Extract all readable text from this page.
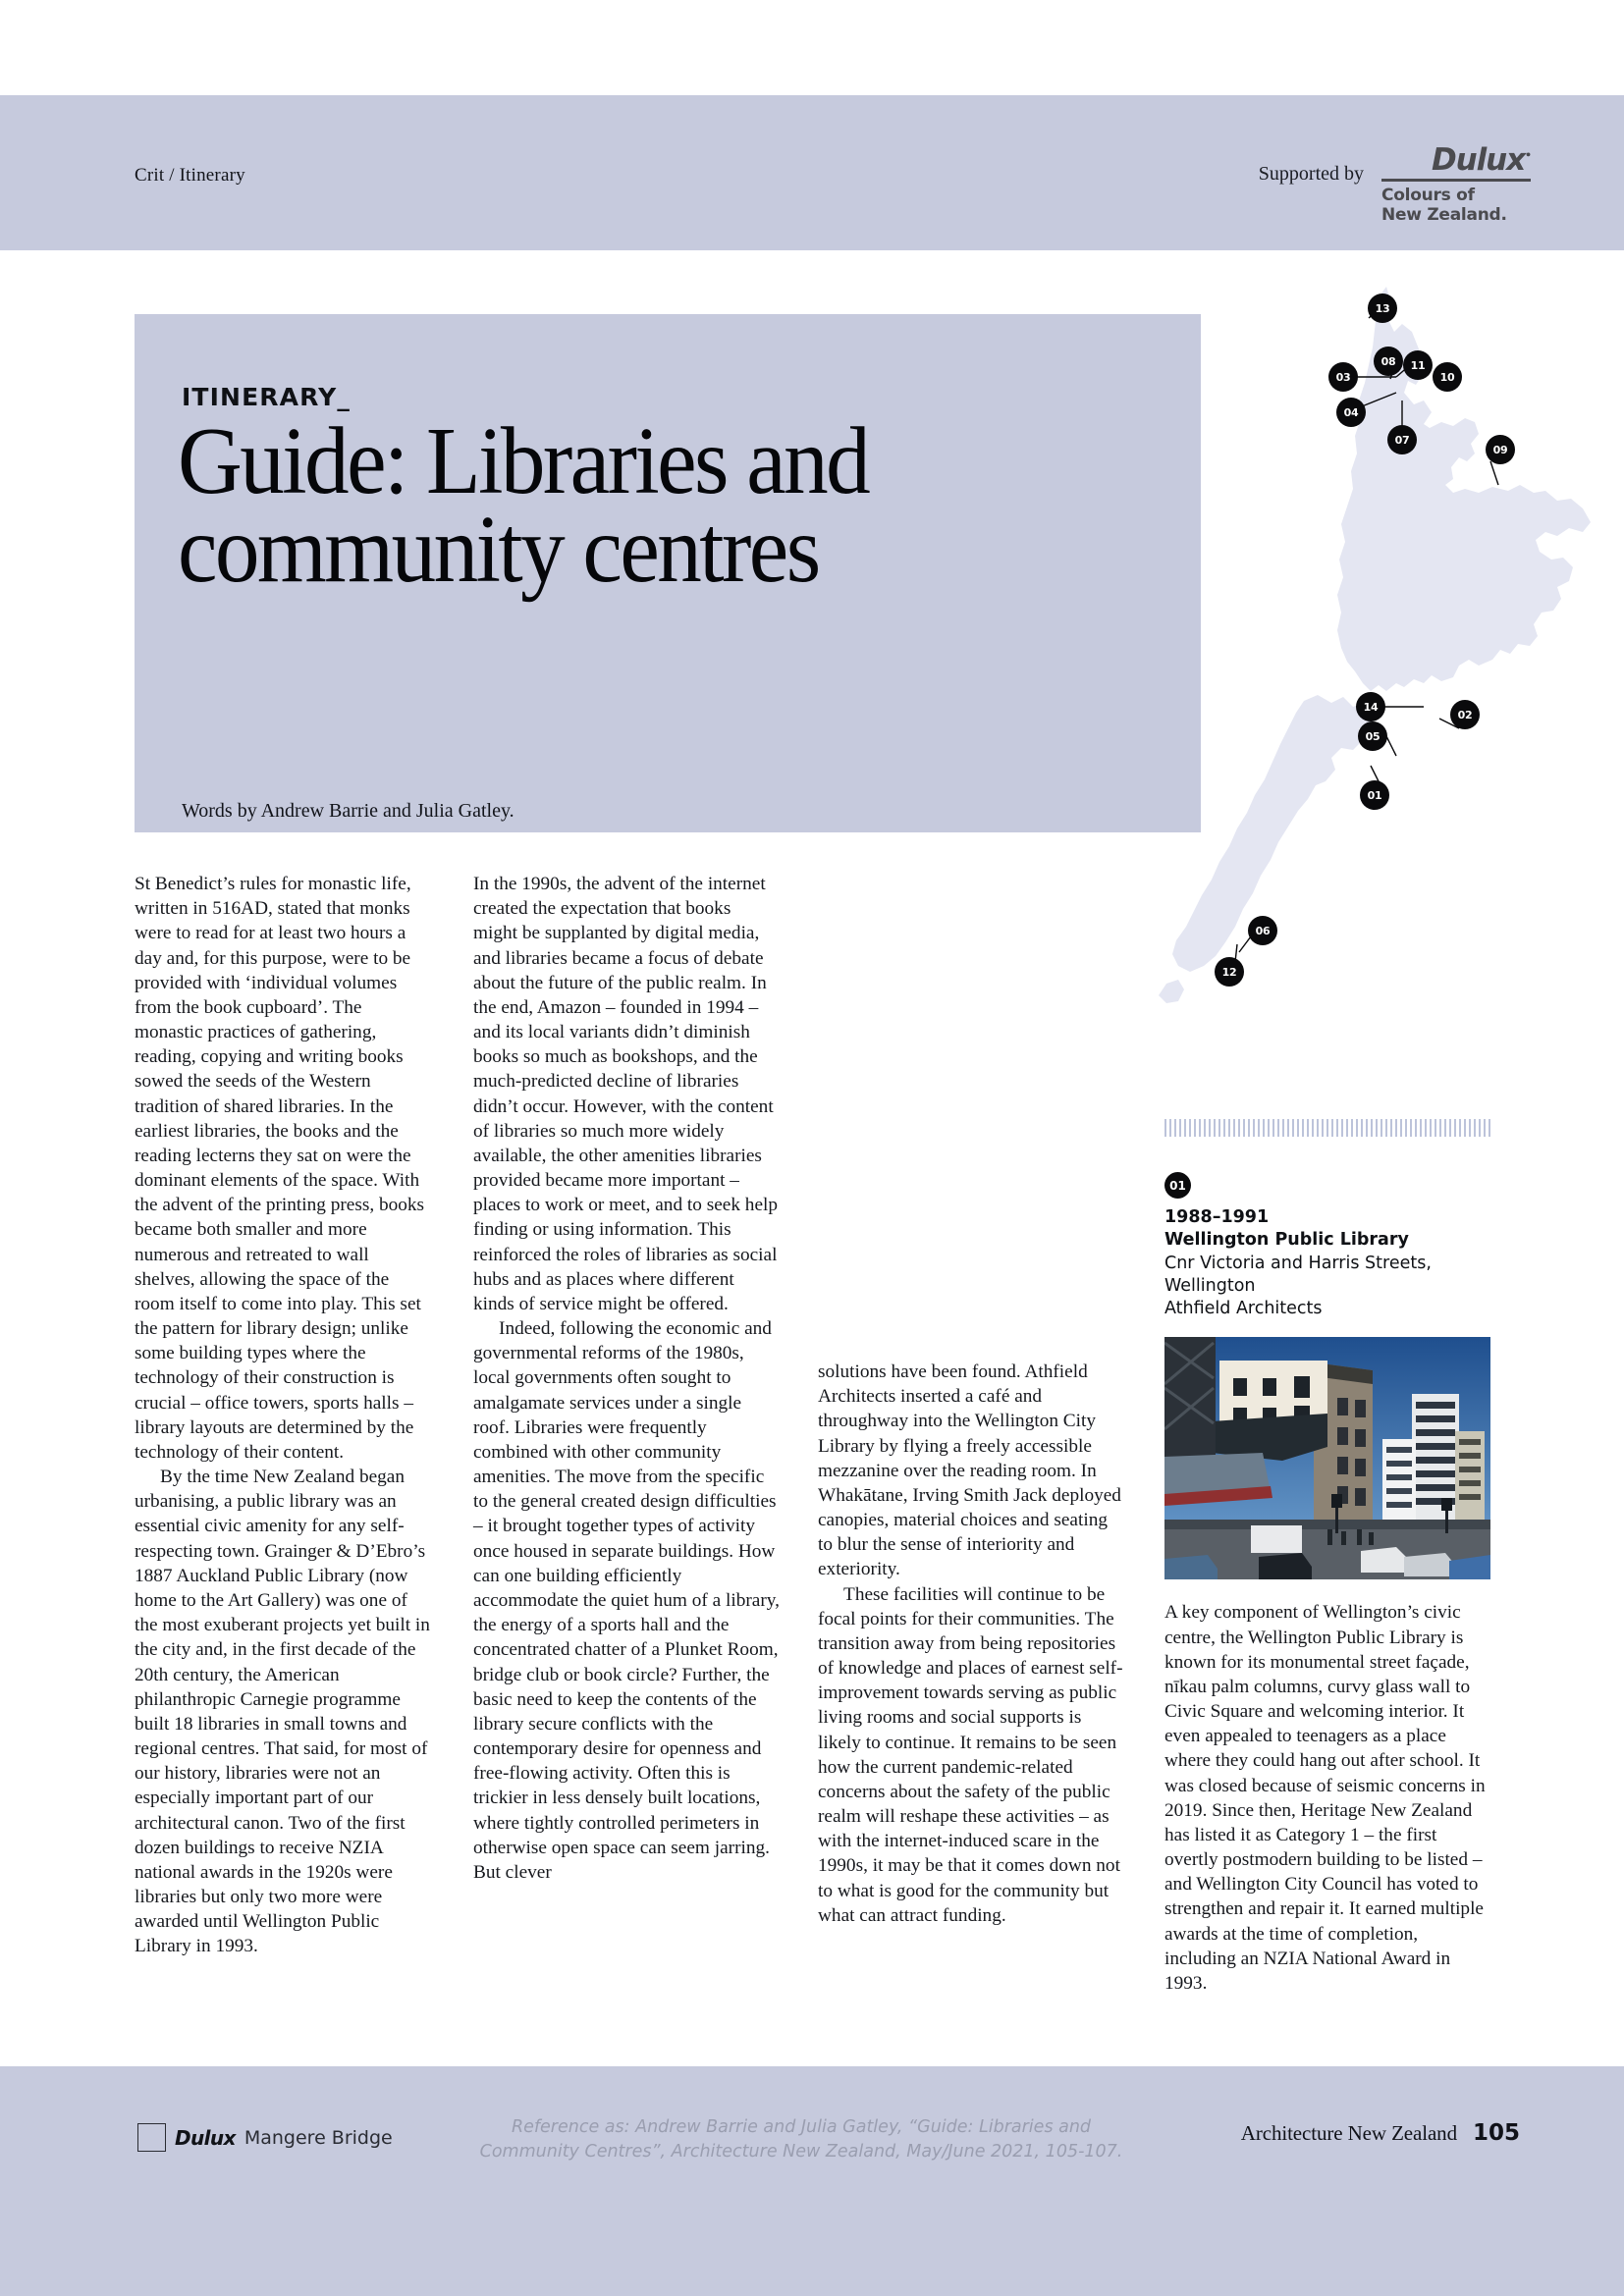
Crit / Itinerary	Supported by	Dulux•
Colours of
New Zealand.
ITINERARY_
Guide: Libraries and community centres
Words by Andrew Barrie and Julia Gatley.
13
08 11
03	10
04
07
09
14
02
05
01
06
12

St Benedict’s rules for monastic life, written in 516AD, stated that monks were to read for at least two hours a day and, for this purpose, were to be provided with ‘individual volumes from the book cupboard’. The monastic practices of gathering, reading, copying and writing books sowed the seeds of the Western tradition of shared libraries. In the earliest libraries, the books and the reading lecterns they sat on were the dominant elements of the space. With the advent of the printing press, books became both smaller and more numerous and retreated to wall shelves, allowing the space of the room itself to come into play. This set the pattern for library design; unlike some building types where the technology of their construction is crucial – office towers, sports halls – library layouts are determined by the technology of their content.

By the time New Zealand began urbanising, a public library was an essential civic amenity for any self-respecting town. Grainger & D’Ebro’s 1887 Auckland Public Library (now home to the Art Gallery) was one of the most exuberant projects yet built in the city and, in the first decade of the 20th century, the American philanthropic Carnegie programme built 18 libraries in small towns and regional centres. That said, for most of our history, libraries were not an especially important part of our architectural canon. Two of the first dozen buildings to receive NZIA national awards in the 1920s were libraries but only two more were awarded until Wellington Public Library in 1993.

In the 1990s, the advent of the internet created the expectation that books might be supplanted by digital media, and libraries became a focus of debate about the future of the public realm. In the end, Amazon – founded in 1994 – and its local variants didn’t diminish books so much as bookshops, and the much-predicted decline of libraries didn’t occur. However, with the content of libraries so much more widely available, the other amenities libraries provided became more important – places to work or meet, and to seek help finding or using information. This reinforced the roles of libraries as social hubs and as places where different kinds of service might be offered.

Indeed, following the economic and governmental reforms of the 1980s, local governments often sought to amalgamate services under a single roof. Libraries were frequently combined with other community amenities. The move from the specific to the general created design difficulties – it brought together types of activity once housed in separate buildings. How can one building efficiently accommodate the quiet hum of a library, the energy of a sports hall and the concentrated chatter of a Plunket Room, bridge club or book circle? Further, the basic need to keep the contents of the library secure conflicts with the contemporary desire for openness and free-flowing activity. Often this is trickier in less densely built locations, where tightly controlled perimeters in otherwise open space can seem jarring. But clever

solutions have been found. Athfield Architects inserted a café and throughway into the Wellington City Library by flying a freely accessible mezzanine over the reading room. In Whakātane, Irving Smith Jack deployed canopies, material choices and seating to blur the sense of interiority and exteriority.

These facilities will continue to be focal points for their communities. The transition away from being repositories of knowledge and places of earnest self-improvement towards serving as public living rooms and social supports is likely to continue. It remains to be seen how the current pandemic-related concerns about the safety of the public realm will reshape these activities – as with the internet-induced scare in the 1990s, it may be that it comes down not to what is good for the community but what can attract funding.

01
1988–1991
Wellington Public Library
Cnr Victoria and Harris Streets,
Wellington
Athfield Architects
A key component of Wellington’s civic centre, the Wellington Public Library is known for its monumental street façade, nīkau palm columns, curvy glass wall to Civic Square and welcoming interior. It even appealed to teenagers as a place where they could hang out after school. It was closed because of seismic concerns in 2019. Since then, Heritage New Zealand has listed it as Category 1 – the first overtly postmodern building to be listed – and Wellington City Council has voted to strengthen and repair it. It earned multiple awards at the time of completion, including an NZIA National Award in 1993.
Dulux Mangere Bridge	Reference as: Andrew Barrie and Julia Gatley, “Guide: Libraries and Community Centres”, Architecture New Zealand, May/June 2021, 105-107.
Architecture New Zealand 105
